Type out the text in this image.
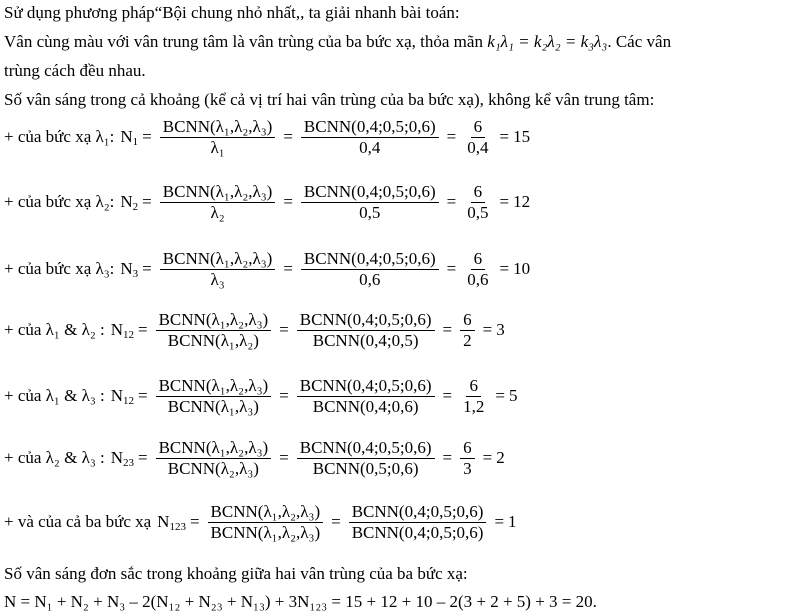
Sử dụng phương pháp“Bội chung nhỏ nhất,, ta giải nhanh bài toán:
Vân cùng màu với vân trung tâm là vân trùng của ba bức xạ, thỏa mãn k₁λ₁ = k₂λ₂ = k₃λ₃. Các vân
trùng cách đều nhau.
Số vân sáng trong cả khoảng (kể cả vị trí hai vân trùng của ba bức xạ), không kể vân trung tâm:
+ của bức xạ λ₁: $N_1 = \frac{\text{BCNN(λ₁,λ₂,λ₃)}}{\text{λ₁}} = \frac{\text{BCNN(0,4;0,5;0,6)}}{0,4} = \frac{6}{0,4} = 15$
+ của bức xạ λ₂: $N_2 = \frac{\text{BCNN(λ₁,λ₂,λ₃)}}{\text{λ₂}} = \frac{\text{BCNN(0,4;0,5;0,6)}}{0,5} = \frac{6}{0,5} = 12$
+ của bức xạ λ₃: $N_3 = \frac{\text{BCNN(λ₁,λ₂,λ₃)}}{\text{λ₃}} = \frac{\text{BCNN(0,4;0,5;0,6)}}{0,6} = \frac{6}{0,6} = 10$
+ của λ₁ & λ₂ : $N_{12} = \frac{\text{BCNN(λ₁,λ₂,λ₃)}}{\text{BCNN(λ₁,λ₂)}} = \frac{\text{BCNN(0,4;0,5;0,6)}}{\text{BCNN(0,4;0,5)}} = \frac{6}{2} = 3$
+ của λ₁ & λ₃ : $N_{12} = \frac{\text{BCNN(λ₁,λ₂,λ₃)}}{\text{BCNN(λ₁,λ₃)}} = \frac{\text{BCNN(0,4;0,5;0,6)}}{\text{BCNN(0,4;0,6)}} = \frac{6}{1,2} = 5$
+ của λ₂ & λ₃ : $N_{23} = \frac{\text{BCNN(λ₁,λ₂,λ₃)}}{\text{BCNN(λ₂,λ₃)}} = \frac{\text{BCNN(0,4;0,5;0,6)}}{\text{BCNN(0,5;0,6)}} = \frac{6}{3} = 2$
+ và của cả ba bức xạ $N_{123} = \frac{\text{BCNN(λ₁,λ₂,λ₃)}}{\text{BCNN(λ₁,λ₂,λ₃)}} = \frac{\text{BCNN(0,4;0,5;0,6)}}{\text{BCNN(0,4;0,5;0,6)}} = 1$
Số vân sáng đơn sắc trong khoảng giữa hai vân trùng của ba bức xạ:
N = N₁ + N₂ + N₃ – 2(N₁₂ + N₂₃ + N₁₃) + 3N₁₂₃ = 15 + 12 + 10 – 2(3 + 2 + 5) + 3 = 20.
